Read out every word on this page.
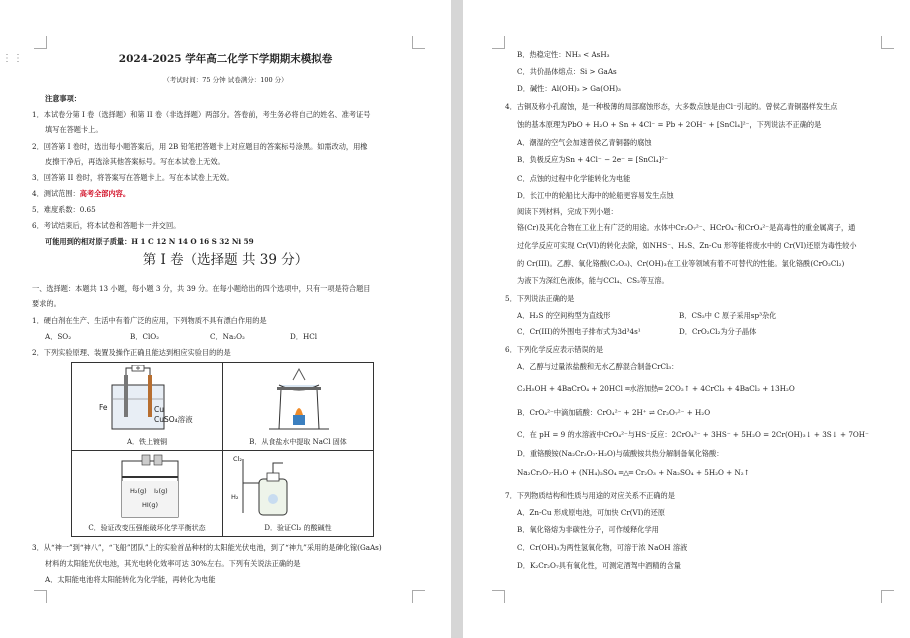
⋮⋮	2024-2025 学年高二化学下学期期末模拟卷
（考试时间：75 分钟 试卷满分：100 分）
注意事项：
1．本试卷分第 I 卷（选择题）和第 II 卷（非选择题）两部分。答卷前，考生务必将自己的姓名、准考证号
填写在答题卡上。
2．回答第 I 卷时，选出每小题答案后，用 2B 铅笔把答题卡上对应题目的答案标号涂黑。如需改动，用橡
皮擦干净后，再选涂其他答案标号。写在本试卷上无效。
3．回答第 II 卷时，将答案写在答题卡上。写在本试卷上无效。
4．测试范围：高考全部内容。
5．难度系数：0.65
6．考试结束后，将本试卷和答题卡一并交回。
可能用到的相对原子质量：H 1 C 12 N 14 O 16 S 32 Ni 59
第 I 卷（选择题 共 39 分）
一、选择题：本题共 13 小题，每小题 3 分，共 39 分。在每小题给出的四个选项中，只有一项是符合题目
要求的。
1．硬白剂在生产、生活中有着广泛的应用，下列物质不具有漂白作用的是
A．SO₂	B．ClO₂	C．Na₂O₂	D．HCl
2．下列实验原理、装置及操作正确且能达到相应实验目的的是
Fe Cu
CuSO₄溶液
A．铁上镀铜	B．从食盐水中提取 NaCl 固体

H₂(g) I₂(g)
HI(g)
C．验证改变压强能破坏化学平衡状态	Cl₂
H₂
D．验证Cl₂ 的酸碱性
3．从“神一”到“神八”，“飞船”团队”上的实验首品种材的太阳能光伏电池，到了“神九”采用的是砷化镓(GaAs)
材料的太阳能光伏电池，其光电转化效率可达 30%左右。下列有关说法正确的是
A．太阳能电池将太阳能转化为化学能，再转化为电能
B．热稳定性：NH₃ < AsH₃
C．共价晶体熔点：Si > GaAs
D．碱性：Al(OH)₃ > Ga(OH)₃
4．古铜及称小孔腐蚀，是一种极薄的局部腐蚀形态，大多数点蚀是由Cl⁻引起的。曾侯乙青铜器样发生点
蚀的基本原理为PbO + H₂O + Sn + 4Cl⁻ = Pb + 2OH⁻ + [SnCl₄]²⁻，下列说法不正确的是
A．潮湿的空气会加速曾侯乙青铜器的腐蚀
B．负极反应为Sn + 4Cl⁻ − 2e⁻ = [SnCl₄]²⁻
C．点蚀的过程中化学能转化为电能
D．长江中的轮船比大海中的轮船更容易发生点蚀
阅读下列材料，完成下列小题：
铬(Cr)及其化合物在工业上有广泛的用途。水体中Cr₂O₇²⁻、HCrO₄⁻和CrO₄²⁻是高毒性的重金属离子，通
过化学反应可实现 Cr(VI)的转化去除，如NHS⁻、H₂S、Zn-Cu 形等能将废水中的 Cr(VI)还原为毒性较小
的 Cr(III)。乙醇、氧化铬酸(C₂O₃)、Cr(OH)₃在工业等领域有着不可替代的性能。氯化铬酰(CrO₂Cl₂)
为液下为深红色液体，能与CCl₄、CS₂等互溶。
5．下列说法正确的是
A．H₂S 的空间构型为直线形	B．CS₂中 C 原子采用sp³杂化
C．Cr(III)的外围电子排布式为3d³4s¹	D．CrO₂Cl₂为分子晶体
6．下列化学反应表示错误的是
A．乙醇与过量浓盐酸和无水乙醇混合制备CrCl₃：
C₂H₅OH + 4BaCrO₄ + 20HCl ═水浴加热═ 2CO₂↑ + 4CrCl₃ + 4BaCl₂ + 13H₂O
B．CrO₄²⁻中滴加硫酸：CrO₄²⁻ + 2H⁺ ⇌ Cr₂O₇²⁻ + H₂O
C．在 pH = 9 的水溶液中CrO₄²⁻与HS⁻反应：2CrO₄²⁻ + 3HS⁻ + 5H₂O = 2Cr(OH)₃↓ + 3S↓ + 7OH⁻
D．重铬酸铵(Na₂Cr₂O₇·H₂O)与硫酸铵共热分解制备氧化铬酸：
Na₂Cr₂O₇·H₂O + (NH₄)₂SO₄ ═△═ Cr₂O₃ + Na₂SO₄ + 5H₂O + N₂↑
7．下列物质结构和性质与用途的对应关系不正确的是
A．Zn-Cu 形成原电池，可加快 Cr(VI)的还原
B．氧化铬熔为非碳性分子，可作缓释化学用
C．Cr(OH)₃为两性氢氧化物，可溶于浓 NaOH 溶液
D．K₂Cr₂O₇具有氧化性，可测定酒驾中酒精的含量
